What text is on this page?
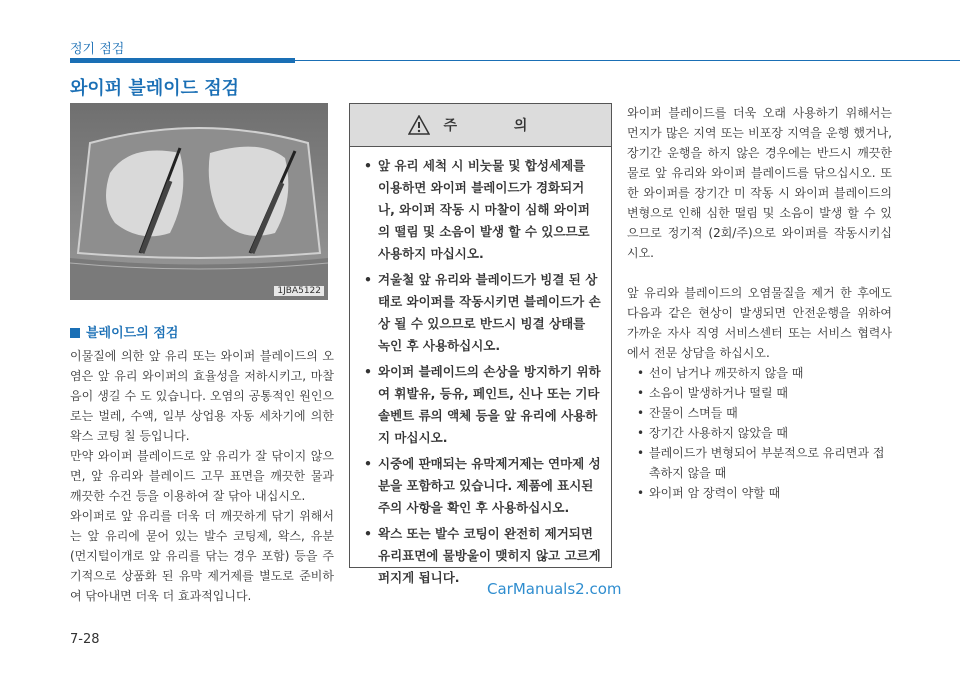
정기 점검
와이퍼 블레이드 점검
1JBA5122
블레이드의 점검

이물질에 의한 앞 유리 또는 와이퍼 블레이드의 오염은 앞 유리 와이퍼의 효율성을 저하시키고, 마찰음이 생길 수 도 있습니다. 오염의 공통적인 원인으로는 벌레, 수액, 일부 상업용 자동 세차기에 의한 왁스 코팅 칠 등입니다.

만약 와이퍼 블레이드로 앞 유리가 잘 닦이지 않으면, 앞 유리와 블레이드 고무 표면을 깨끗한 물과 깨끗한 수건 등을 이용하여 잘 닦아 내십시오.

와이퍼로 앞 유리를 더욱 더 깨끗하게 닦기 위해서는 앞 유리에 묻어 있는 발수 코팅제, 왁스, 유분 (먼지털이개로 앞 유리를 닦는 경우 포함) 등을 주기적으로 상품화 된 유막 제거제를 별도로 준비하여 닦아내면 더욱 더 효과적입니다.

주 의
• 앞 유리 세척 시 비눗물 및 합성세제를 이용하면 와이퍼 블레이드가 경화되거나, 와이퍼 작동 시 마찰이 심해 와이퍼의 떨림 및 소음이 발생 할 수 있으므로 사용하지 마십시오.
• 겨울철 앞 유리와 블레이드가 빙결 된 상태로 와이퍼를 작동시키면 블레이드가 손상 될 수 있으므로 반드시 빙결 상태를 녹인 후 사용하십시오.
• 와이퍼 블레이드의 손상을 방지하기 위하여 휘발유, 등유, 페인트, 신나 또는 기타 솔벤트 류의 액체 등을 앞 유리에 사용하지 마십시오.
• 시중에 판매되는 유막제거제는 연마제 성분을 포함하고 있습니다. 제품에 표시된 주의 사항을 확인 후 사용하십시오.
• 왁스 또는 발수 코팅이 완전히 제거되면 유리표면에 물방울이 맺히지 않고 고르게 퍼지게 됩니다.

와이퍼 블레이드를 더욱 오래 사용하기 위해서는 먼지가 많은 지역 또는 비포장 지역을 운행 했거나, 장기간 운행을 하지 않은 경우에는 반드시 깨끗한 물로 앞 유리와 와이퍼 블레이드를 닦으십시오. 또한 와이퍼를 장기간 미 작동 시 와이퍼 블레이드의 변형으로 인해 심한 떨림 및 소음이 발생 할 수 있으므로 정기적 (2회/주)으로 와이퍼를 작동시키십시오.

앞 유리와 블레이드의 오염물질을 제거 한 후에도 다음과 같은 현상이 발생되면 안전운행을 위하여 가까운 자사 직영 서비스센터 또는 서비스 협력사에서 전문 상담을 하십시오.

• 선이 남거나 깨끗하지 않을 때
• 소음이 발생하거나 떨릴 때
• 잔물이 스며들 때
• 장기간 사용하지 않았을 때
• 블레이드가 변형되어 부분적으로 유리면과 접촉하지 않을 때
• 와이퍼 암 장력이 약할 때
CarManuals2.com
7-28
